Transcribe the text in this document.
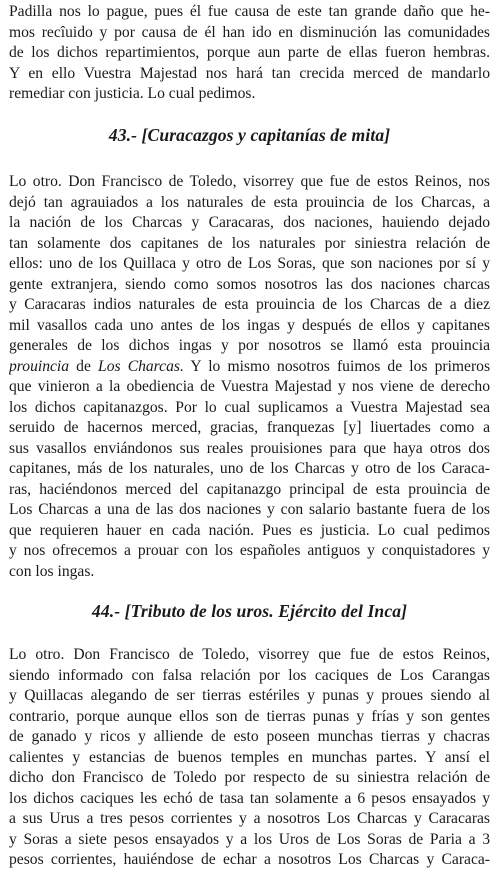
Padilla nos lo pague, pues él fue causa de este tan grande daño que he-
mos recîuido y por causa de él han ido en disminución las comunidades
de los dichos repartimientos, porque aun parte de ellas fueron hembras.
Y en ello Vuestra Majestad nos hará tan crecida merced de mandarlo
remediar con justicia. Lo cual pedimos.
43.- [Curacazgos y capitanías de mita]
Lo otro. Don Francisco de Toledo, visorrey que fue de estos Reinos, nos
dejó tan agrauiados a los naturales de esta prouincia de los Charcas, a
la nación de los Charcas y Caracaras, dos naciones, hauiendo dejado
tan solamente dos capitanes de los naturales por siniestra relación de
ellos: uno de los Quillaca y otro de Los Soras, que son naciones por sí y
gente extranjera, siendo como somos nosotros las dos naciones charcas
y Caracaras indios naturales de esta prouincia de los Charcas de a diez
mil vasallos cada uno antes de los ingas y después de ellos y capitanes
generales de los dichos ingas y por nosotros se llamó esta prouincia
prouincia de Los Charcas. Y lo mismo nosotros fuimos de los primeros
que vinieron a la obediencia de Vuestra Majestad y nos viene de derecho
los dichos capitanazgos. Por lo cual suplicamos a Vuestra Majestad sea
seruido de hacernos merced, gracias, franquezas [y] liuertades como a
sus vasallos enviándonos sus reales prouisiones para que haya otros dos
capitanes, más de los naturales, uno de los Charcas y otro de los Caraca-
ras, haciéndonos merced del capitanazgo principal de esta prouincia de
Los Charcas a una de las dos naciones y con salario bastante fuera de los
que requieren hauer en cada nación. Pues es justicia. Lo cual pedimos
y nos ofrecemos a prouar con los españoles antiguos y conquistadores y
con los ingas.
44.- [Tributo de los uros. Ejército del Inca]
Lo otro. Don Francisco de Toledo, visorrey que fue de estos Reinos,
siendo informado con falsa relación por los caciques de Los Carangas
y Quillacas alegando de ser tierras estériles y punas y proues siendo al
contrario, porque aunque ellos son de tierras punas y frías y son gentes
de ganado y ricos y alliende de esto poseen munchas tierras y chacras
calientes y estancias de buenos temples en munchas partes. Y ansí el
dicho don Francisco de Toledo por respecto de su siniestra relación de
los dichos caciques les echó de tasa tan solamente a 6 pesos ensayados y
a sus Urus a tres pesos corrientes y a nosotros Los Charcas y Caracaras
y Soras a siete pesos ensayados y a los Uros de Los Soras de Paria a 3
pesos corrientes, hauiéndose de echar a nosotros Los Charcas y Caraca-
